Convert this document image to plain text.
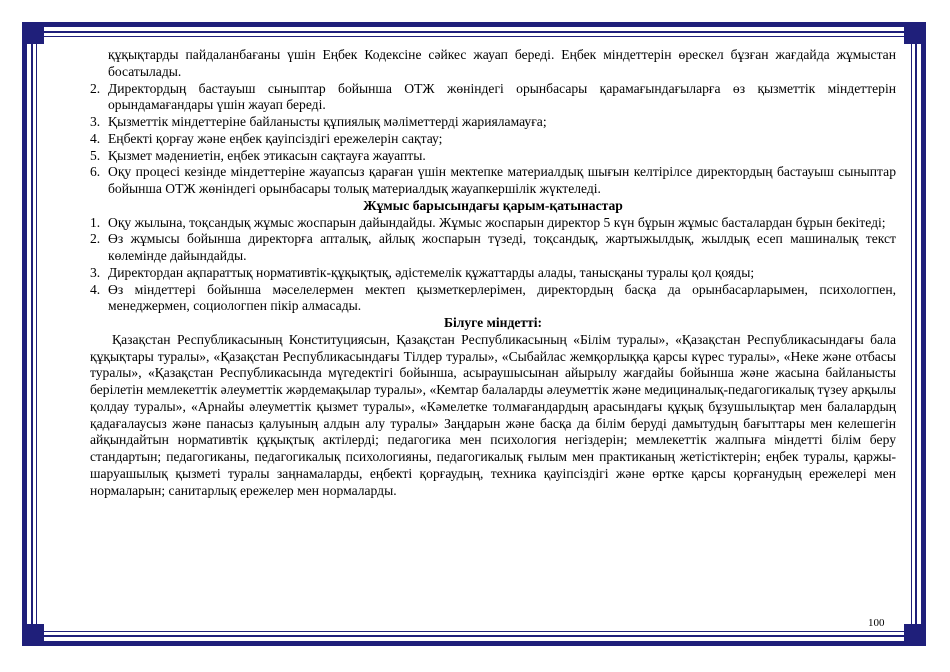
құқықтарды пайдаланбағаны үшін Еңбек Кодексіне сәйкес жауап береді. Еңбек міндеттерін өрескел бұзған жағдайда жұмыстан босатылады.
2. Директордың бастауыш сыныптар бойынша ОТЖ жөніндегі орынбасары қарамағындағыларға өз қызметтік міндеттерін орындамағандары үшін жауап береді.
3. Қызметтік міндеттеріне байланысты құпиялық мәліметтерді жарияламауға;
4. Еңбекті қорғау және еңбек қауіпсіздігі ережелерін сақтау;
5. Қызмет мәдениетін, еңбек этикасын сақтауға жауапты.
6. Оқу процесі кезінде міндеттеріне жауапсыз қараған үшін мектепке материалдық шығын келтірілсе директордың бастауыш сыныптар бойынша ОТЖ жөніндегі орынбасары толық материалдық жауапкершілік жүктеледі.
Жұмыс барысындағы қарым-қатынастар
1. Оқу жылына, тоқсандық жұмыс жоспарын дайындайды. Жұмыс жоспарын директор 5 күн бұрын жұмыс басталардан бұрын бекітеді;
2. Өз жұмысы бойынша директорға апталық, айлық жоспарын түзеді, тоқсандық, жартыжылдық, жылдық есеп машиналық текст көлемінде дайындайды.
3. Директордан ақпараттық нормативтік-құқықтық, әдістемелік құжаттарды алады, танысқаны туралы қол қояды;
4. Өз міндеттері бойынша мәселелермен мектеп қызметкерлерімен, директордың басқа да орынбасарларымен, психологпен, менеджермен, социологпен пікір алмасады.
Білуге міндетті:
Қазақстан Республикасының Конституциясын, Қазақстан Республикасының «Білім туралы», «Қазақстан Республикасындағы бала құқықтары туралы», «Қазақстан Республикасындағы Тілдер туралы», «Сыбайлас жемқорлыққа қарсы күрес туралы», «Неке және отбасы туралы», «Қазақстан Республикасында мүгедектігі бойынша, асыраушысынан айырылу жағдайы бойынша және жасына байланысты берілетін мемлекеттік әлеуметтік жәрдемақылар туралы», «Кемтар балаларды әлеуметтік және медициналық-педагогикалық түзеу арқылы қолдау туралы», «Арнайы әлеуметтік қызмет туралы», «Кәмелетке толмағандардың арасындағы құқық бұзушылықтар мен балалардың қадағалаусыз және панасыз қалуының алдын алу туралы» Заңдарын және басқа да білім беруді дамытудың бағыттары мен келешегін айқындайтын нормативтік құқықтық актілерді; педагогика мен психология негіздерін; мемлекеттік жалпыға міндетті білім беру стандартын; педагогиканы, педагогикалық психологияны, педагогикалық ғылым мен практиканың жетістіктерін; еңбек туралы, қаржы-шаруашылық қызметі туралы заңнамаларды, еңбекті қорғаудың, техника қауіпсіздігі және өртке қарсы қорғанудың ережелері мен нормаларын; санитарлық ережелер мен нормаларды.
100
